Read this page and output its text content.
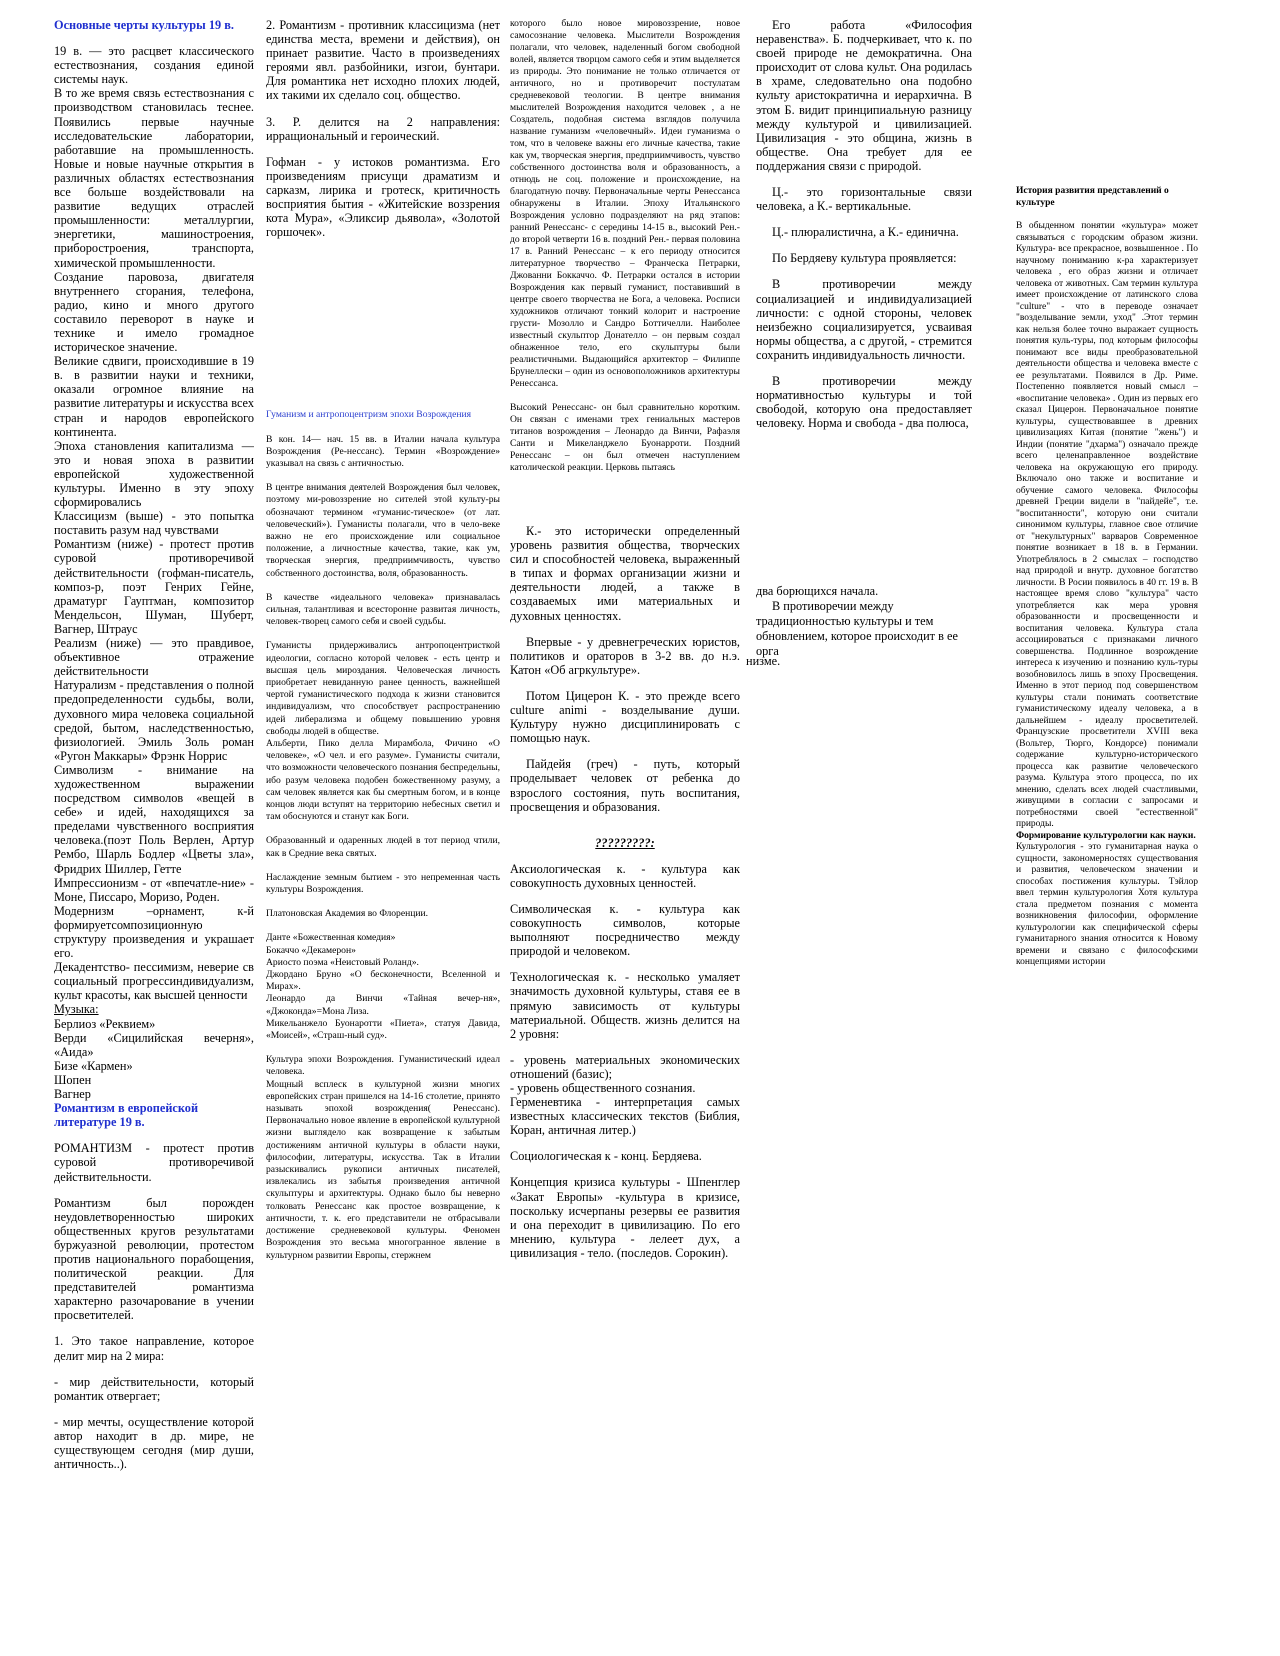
Основные черты культуры 19 в.

19 в. — это расцвет классического естествознания, создания единой системы наук.

В то же время связь естествознания с производством становилась теснее. Появились первые научные исследовательские лаборатории, работавшие на промышленность. Новые и новые научные открытия в различных областях естествознания все больше воздействовали на развитие ведущих отраслей промышленности: металлургии, энергетики, машиностроения, приборостроения, транспорта, химической промышленности.

Создание паровоза, двигателя внутреннего сгорания, телефона, радио, кино и много другого составило переворот в науке и технике и имело громадное историческое значение.

Великие сдвиги, происходившие в 19 в. в развитии науки и техники, оказали огромное влияние на развитие литературы и искусства всех стран и народов европейского континента.

Эпоха становления капитализма — это и новая эпоха в развитии европейской художественной культуры. Именно в эту эпоху сформировались

Классицизм (выше) - это попытка поставить разум над чувствами

Романтизм (ниже) - протест против суровой противоречивой действительности (гофман-писатель, композ-р, поэт Генрих Гейне, драматург Гауптман, композитор Мендельсон, Шуман, Шуберт, Вагнер, Штраус

Реализм (ниже) — это правдивое, объективное отражение действительности

Натурализм - представления о полной предопределенности судьбы, воли, духовного мира человека социальной средой, бытом, наследственностью, физиологией. Эмиль Золь роман «Ругон Маккары» Фрэнк Норрис

Символизм - внимание на художественном выражении посредством символов «вещей в себе» и идей, находящихся за пределами чувственного восприятия человека.(поэт Поль Верлен, Артур Рембо, Шарль Бодлер «Цветы зла», Фридрих Шиллер, Гетте

Импрессионизм - от «впечатле-ние» - Моне, Писсаро, Моризо, Роден.

Модернизм –орнамент, к-й формируетсомпозиционную структуру произведения и украшает его.

Декадентство- пессимизм, неверие св социальный прогрессиндивидуализм, культ красоты, как высшей ценности

Музыка:

Берлиоз «Реквием»
Верди «Сицилийская вечерня», «Аида»
Бизе «Кармен»
Шопен
Вагнер

Романтизм в европейской литературе 19 в.

РОМАНТИЗМ - протест против суровой противоречивой действительности.

Романтизм был порожден неудовлетворенностью широких общественных кругов результатами буржуазной революции, протестом против национального порабощения, политической реакции. Для представителей романтизма характерно разочарование в учении просветителей.

1. Это такое направление, которое делит мир на 2 мира:

- мир действительности, который романтик отвергает;

- мир мечты, осуществление которой автор находит в др. мире, не существующем сегодня (мир души, античность..).

2. Романтизм - противник классицизма (нет единства места, времени и действия), он принает развитие. Часто в произведениях героями явл. разбойники, изгои, бунтари. Для романтика нет исходно плохих людей, их такими их сделало соц. общество.

3. Р. делится на 2 направления: ирращиональный и героический.

Гофман - у истоков романтизма. Его произведениям присущи драматизм и сарказм, лирика и гротеск, критичность восприятия бытия - «Житейские воззрения кота Мура», «Эликсир дьявола», «Золотой горшочек».

Гуманизм и антропоцентризм эпохи Возрождения

В кон. 14— нач. 15 вв. в Италии начала культура Возрождения (Ре-нессанс). Термин «Возрождение» указывал на связь с античностью.

В центре внимания деятелей Возрождения был человек, поэтому ми-ровоззрение но сителей этой культу-ры обозначают термином «гуманис-тическое» (от лат. человеческий»). Гуманисты полагали, что в чело-веке важно не его происхождение или социальное положение, а личностные качества, такие, как ум, творческая энергия, предприимчивость, чувство собственного достоинства, воля, образованность.

В качестве «идеального человека» признавалась сильная, талантливая и всесторонне развитая личность, человек-творец самого себя и своей судьбы.

Гуманисты придерживались антропоцентристкой идеологии, согласно которой человек - есть центр и высшая цель мироздания. Человеческая личность приобретает невиданную ранее ценность, важнейшей чертой гуманистического подхода к жизни становится индивидуализм, что способствует распространению идей либерализма и общему повышению уровня свободы людей в обществе.

Альберти, Пико делла Мирамбола, Фичино «О человеке», «О чел. и его разуме». Гуманисты считали, что возможности человеческого познания беспредельны, ибо разум человека подобен божественному разуму, а сам человек является как бы смертным богом, и в конце концов люди вступят на территорию небесных светил и там обоснуются и станут как Боги.

Образованный и одаренных людей в тот период чтили, как в Средние века святых.

Наслаждение земным бытием - это непременная часть культуры Возрождения.

Платоновская Академия во Флоренции.

Данте «Божественная комедия»
Бокаччо «Декамерон»
Ариосто поэма «Неистовый Роланд».
Джордано Бруно «О бесконечности, Вселенной и Мирах».
Леонардо да Винчи «Тайная вечер-ня», «Джоконда»=Мона Лиза.
Микельанжело Буонаротти «Пиета», статуя Давида, «Моисей», «Страш-ный суд».

Культура эпохи Возрождения. Гуманистический идеал человека.

Мощный всплеск в культурной жизни многих европейских стран пришелся на 14-16 столетие, принято называть эпохой возрождения( Ренессанс). Первоначально новое явление в европейской культурной жизни выглядело как возвращение к забытым достижениям античной культуры в области науки, философии, литературы, искусства. Так в Италии разыскивались рукописи античных писателей, извлекались из забытья произведения античной скульптуры и архитектуры. Однако было бы неверно толковать Ренессанс как простое возвращение, к античности, т. к. его представители не отбрасывали достижение средневековой культуры. Феномен Возрождения это весьма многогранное явление в культурном развитии Европы, стержнем

которого было новое мировоззрение, новое самосознание человека. Мыслители Возрождения полагали, что человек, наделенный богом свободной волей, является творцом самого себя и этим выделяется из природы. Это понимание не только отличается от античного, но и противоречит постулатам средневековой теологии. В центре внимания мыслителей Возрождения находится человек , а не Создатель, подобная система взглядов получила название гуманизм «человечный». Идеи гуманизма о том, что в человеке важны его личные качества, такие как ум, творческая энергия, предприимчивость, чувство собственного достоинства воля и образованность, а отнюдь не соц. положение и происхождение, на благодатную почву. Первоначальные черты Ренессанса обнаружены в Италии. Эпоху Итальянского Возрождения условно подразделяют на ряд этапов: ранний Ренессанс- с середины 14-15 в., высокий Рен.- до второй четверти 16 в. поздний Рен.- первая половина 17 в. Ранний Ренессанс – к его периоду относится литературное творчество – Франческа Петрарки, Джованни Боккаччо. Ф. Петрарки остался в истории Возрождения как первый гуманист, поставивший в центре своего творчества не Бога, а человека. Росписи художников отличают тонкий колорит и настроение грусти- Мозолло и Сандро Боттичелли. Наиболее известный скульптор Донателло – он первым создал обнаженное тело, его скульптуры были реалистичными. Выдающийся архитектор – Филиппе Брунеллески – один из основоположников архитектуры Ренессанса.

Высокий Ренессанс- он был сравнительно коротким. Он связан с именами трех гениальных мастеров титанов возрождения – Леонардо да Винчи, Рафаэля Санти и Микеланджело Буонарроти. Поздний Ренессанс – он был отмечен наступлением католической реакции. Церковь пытаясь

К.- это исторически определенный уровень развития общества, творческих сил и способностей человека, выраженный в типах и формах организации жизни и деятельности людей, а также в создаваемых ими материальных и духовных ценностях.

Впервые - у древнегреческих юристов, политиков и ораторов в 3-2 вв. до н.э. Катон «Об агркультуре».

Потом Цицерон К. - это прежде всего culture animi - возделывание души. Культуру нужно дисциплинировать с помощью наук.

Пайдейя (греч) - путь, который проделывает человек от ребенка до взрослого состояния, путь воспитания, просвещения и образования.

?????????:

Аксиологическая к. - культура как совокупность духовных ценностей.

Символическая к. - культура как совокупность символов, которые выполняют посредничество между природой и человеком.

Технологическая к. - несколько умаляет значимость духовной культуры, ставя ее в прямую зависимость от культуры материальной. Обществ. жизнь делится на 2 уровня:

- уровень материальных экономических отношений (базис);

- уровень общественного сознания.

Герменевтика - интерпретация самых известных классических текстов (Библия, Коран, античная литер.)

Социологическая к - конц. Бердяева.

Концепция кризиса культуры - Шпенглер «Закат Европы» -культура в кризисе, поскольку исчерпаны резервы ее развития и она переходит в цивилизацию. По его мнению, культура - лелеет дух, а цивилизация - тело. (последов. Сорокин).

Его работа «Философия неравенства». Б. подчеркивает, что к. по своей природе не демократична. Она происходит от слова культ. Она родилась в храме, следовательно она подобно культу аристократична и иерархична. В этом Б. видит принципиальную разницу между культурой и цивилизацией. Цивилизация - это община, жизнь в обществе. Она требует для ее поддержания связи с природой.

Ц.- это горизонтальные связи человека, а К.- вертикальные.

Ц.- плюралистична, а К.- единична.

По Бердяеву культура проявляется:

В противоречии между социализацией и индивидуализацией личности: с одной стороны, человек неизбежно социализируется, усваивая нормы общества, а с другой, - стремится сохранить индивидуальность личности.

В противоречии между нормативностью культуры и той свободой, которую она предоставляет человеку. Норма и свобода - два полюса,

два борющихся начала.

В противоречии между традиционностью культуры и тем обновлением, которое происходит в ее орга

низме.

История развития представлений о культуре

В обыденном понятии «культура» может связываться с городским образом жизни. Культура- все прекрасное, возвышенное . По научному пониманию к-ра характеризует человека , его образ жизни и отличает человека от животных. Сам термин культура имеет происхождение от латинского слова "culture" - что в переводе означает "возделывание земли, уход" .Этот термин как нельзя более точно выражает сущность понятия куль-туры, под которым философы понимают все виды преобразовательной деятельности общества и человека вместе с ее результатами. Появился в Др. Риме. Постепенно появляется новый смысл – «воспитание человека» . Один из первых его сказал Цицерон. Первоначальное понятие культуры, существовавшее в древних цивилизациях Китая (понятие "жень") и Индии (понятие "дхарма") означало прежде всего целенаправленное воздействие человека на окружающую его природу. Включало оно также и воспитание и обучение самого человека. Философы древней Греции видели в "пайдейе", т.е. "воспитанности", которую они считали синонимом культуры, главное свое отличие от "некультурных" варваров Современное понятие возникает в 18 в. в Германии. Употреблялось в 2 смыслах – господство над природой и внутр. духовное богатство личности. В Росии появилось в 40 гг. 19 в. В настоящее время слово "культура" часто употребляется как мера уровня образованности и просвещенности и воспитания человека. Культура стала ассоциироваться с признаками личного совершенства. Подлинное возрождение интереса к изучению и познанию куль-туры возобновилось лишь в эпоху Просвещения. Именно в этот период под совершенством культуры стали понимать соответствие гуманистическому идеалу человека, а в дальнейшем - идеалу просветителей. Французские просветители XVIII века (Вольтер, Тюрго, Кондорсе) понимали содержание культурно-исторического процесса как развитие человеческого разума. Культура этого процесса, по их мнению, сделать всех людей счастливыми, живущими в согласии с запросами и потребностями своей "естественной" природы.

Формирование культурологии как науки.

Культурология - это гуманитарная наука о сущности, закономерностях существования и развития, человеческом значении и способах постижения культуры. Тэйлор ввел термин культурология Хотя культура стала предметом познания с момента возникновения философии, оформление культурологии как специфической сферы гуманитарного знания относится к Новому времени и связано с философскими концепциями истории
